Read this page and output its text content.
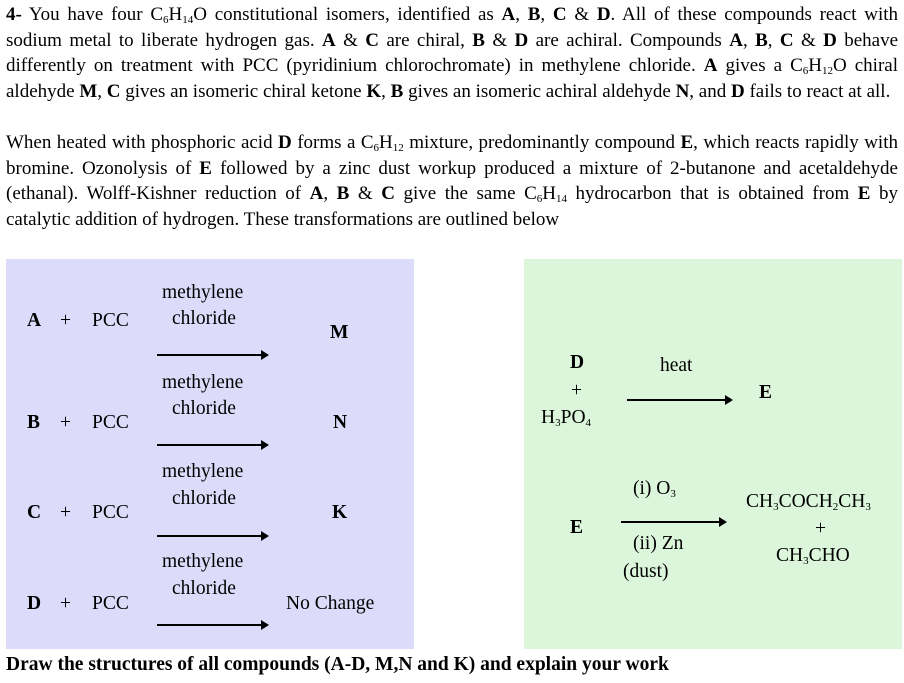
4- You have four $C_6H_{14}O$ constitutional isomers, identified as A, B, C & D. All of these compounds react with sodium metal to liberate hydrogen gas. A & C are chiral, B & D are achiral. Compounds A, B, C & D behave differently on treatment with PCC (pyridinium chlorochromate) in methylene chloride. A gives a $C_6H_{12}O$ chiral aldehyde M, C gives an isomeric chiral ketone K, B gives an isomeric achiral aldehyde N, and D fails to react at all.
When heated with phosphoric acid D forms a $C_6H_{12}$ mixture, predominantly compound E, which reacts rapidly with bromine. Ozonolysis of E followed by a zinc dust workup produced a mixture of 2-butanone and acetaldehyde (ethanal). Wolff-Kishner reduction of A, B & C give the same $C_6H_{14}$ hydrocarbon that is obtained from E by catalytic addition of hydrogen. These transformations are outlined below
methylene
chloride
A + PCC
M
methylene
chloride
B + PCC	N
methylene
chloride
C + PCC	K
methylene
chloride
D + PCC	No Change
D
+
$H_3PO_4$
heat
E
E
(i) $O_3$
(ii) Zn
(dust)
$CH_3COCH_2CH_3$
+
$CH_3CHO$
Draw the structures of all compounds (A-D, M,N and K) and explain your work
